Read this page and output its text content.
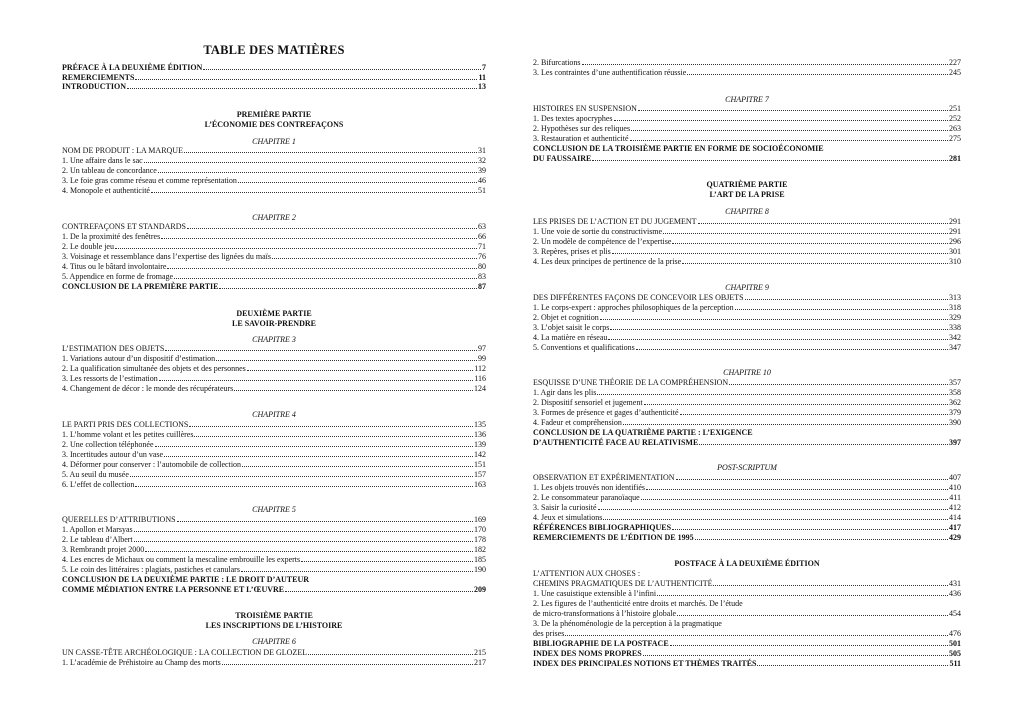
TABLE DES MATIÈRES
PRÉFACE À LA DEUXIÈME ÉDITION	7
REMERCIEMENTS	11
INTRODUCTION	13
PREMIÈRE PARTIE
L’ÉCONOMIE DES CONTREFAÇONS
CHAPITRE 1
NOM DE PRODUIT : LA MARQUE	31
1. Une affaire dans le sac	32
2. Un tableau de concordance	39
3. Le foie gras comme réseau et comme représentation	46
4. Monopole et authenticité	51
CHAPITRE 2
CONTREFAÇONS ET STANDARDS	63
1. De la proximité des fenêtres	66
2. Le double jeu	71
3. Voisinage et ressemblance dans l’expertise des lignées du maïs	76
4. Titus ou le bâtard involontaire	80
5. Appendice en forme de fromage	83
CONCLUSION DE LA PREMIÈRE PARTIE	87
DEUXIÈME PARTIE
LE SAVOIR-PRENDRE
CHAPITRE 3
L’ESTIMATION DES OBJETS	97
1. Variations autour d’un dispositif d’estimation	99
2. La qualification simultanée des objets et des personnes	112
3. Les ressorts de l’estimation	116
4. Changement de décor : le monde des récupérateurs	124
CHAPITRE 4
LE PARTI PRIS DES COLLECTIONS	135
1. L’homme volant et les petites cuillères	136
2. Une collection téléphonée	139
3. Incertitudes autour d’un vase	142
4. Déformer pour conserver : l’automobile de collection	151
5. Au seuil du musée	157
6. L’effet de collection	163
CHAPITRE 5
QUERELLES D’ATTRIBUTIONS	169
1. Apollon et Marsyas	170
2. Le tableau d’Albert	178
3. Rembrandt projet 2000	182
4. Les encres de Michaux ou comment la mescaline embrouille les experts	185
5. Le coin des littéraires : plagiats, pastiches et canulars	190
CONCLUSION DE LA DEUXIÈME PARTIE : LE DROIT D’AUTEUR
COMME MÉDIATION ENTRE LA PERSONNE ET L’ŒUVRE	209
TROISIÈME PARTIE
LES INSCRIPTIONS DE L’HISTOIRE
CHAPITRE 6
UN CASSE-TÊTE ARCHÉOLOGIQUE : LA COLLECTION DE GLOZEL	215
1. L’académie de Préhistoire au Champ des morts	217
2. Bifurcations	227
3. Les contraintes d’une authentification réussie	245
CHAPITRE 7
HISTOIRES EN SUSPENSION	251
1. Des textes apocryphes	252
2. Hypothèses sur des reliques	263
3. Restauration et authenticité	275
CONCLUSION DE LA TROISIÈME PARTIE EN FORME DE SOCIOÉCONOMIE
DU FAUSSAIRE	281
QUATRIÈME PARTIE
L’ART DE LA PRISE
CHAPITRE 8
LES PRISES DE L’ACTION ET DU JUGEMENT	291
1. Une voie de sortie du constructivisme	291
2. Un modèle de compétence de l’expertise	296
3. Repères, prises et plis	301
4. Les deux principes de pertinence de la prise	310
CHAPITRE 9
DES DIFFÉRENTES FAÇONS DE CONCEVOIR LES OBJETS	313
1. Le corps-expert : approches philosophiques de la perception	318
2. Objet et cognition	329
3. L’objet saisit le corps	338
4. La matière en réseau	342
5. Conventions et qualifications	347
CHAPITRE 10
ESQUISSE D’UNE THÉORIE DE LA COMPRÉHENSION	357
1. Agir dans les plis	358
2. Dispositif sensoriel et jugement	362
3. Formes de présence et gages d’authenticité	379
4. Fadeur et compréhension	390
CONCLUSION DE LA QUATRIÈME PARTIE : L’EXIGENCE
D’AUTHENTICITÉ FACE AU RELATIVISME	397
POST-SCRIPTUM
OBSERVATION ET EXPÉRIMENTATION	407
1. Les objets trouvés non identifiés	410
2. Le consommateur paranoïaque	411
3. Saisir la curiosité	412
4. Jeux et simulations	414
RÉFÉRENCES BIBLIOGRAPHIQUES	417
REMERCIEMENTS DE L’ÉDITION DE 1995	429
POSTFACE À LA DEUXIÈME ÉDITION
L’ATTENTION AUX CHOSES :
CHEMINS PRAGMATIQUES DE L’AUTHENTICITÉ	431
1. Une casuistique extensible à l’infini	436
2. Les figures de l’authenticité entre droits et marchés. De l’étude
de micro-transformations à l’histoire globale	454
3. De la phénoménologie de la perception à la pragmatique
des prises	476
BIBLIOGRAPHIE DE LA POSTFACE	501
INDEX DES NOMS PROPRES	505
INDEX DES PRINCIPALES NOTIONS ET THÈMES TRAITÉS	511
